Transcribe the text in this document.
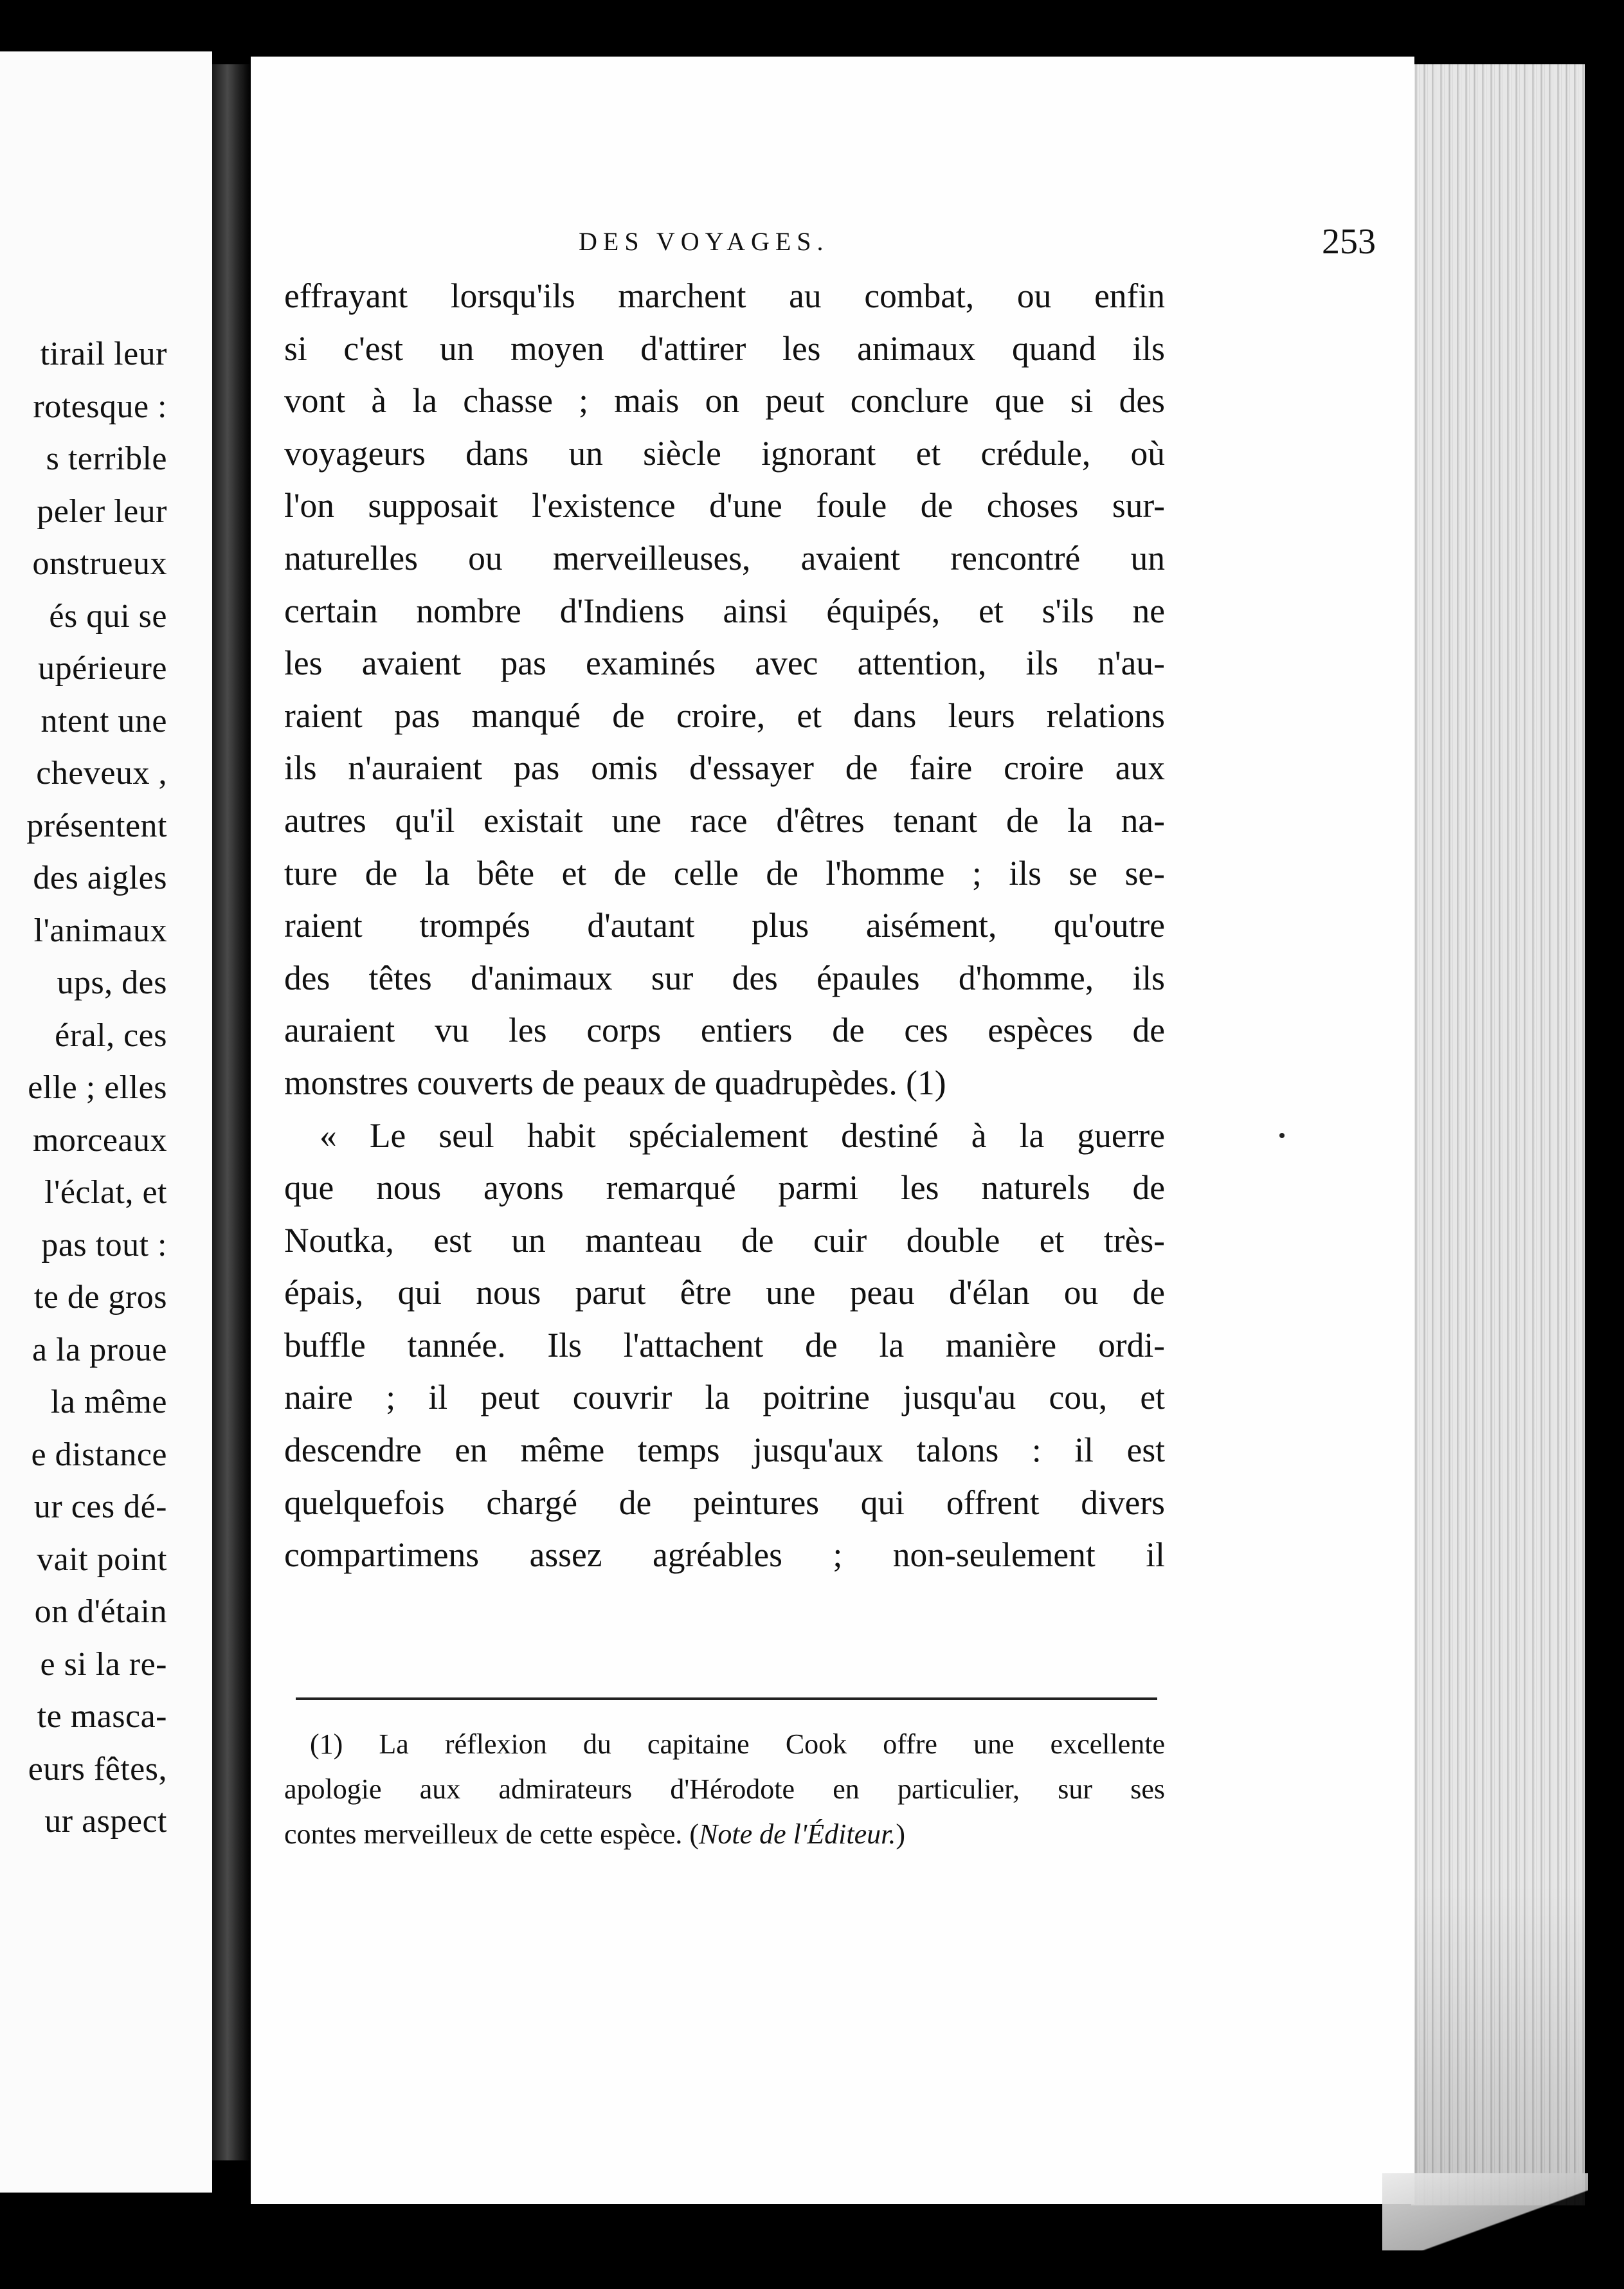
tirail leur
rotesque :
s terrible
peler leur
onstrueux
és qui se
upérieure
ntent une
cheveux ,
présentent
des aigles
l'animaux
ups, des
éral, ces
elle ; elles
morceaux
l'éclat, et
pas tout :
te de gros
a la proue
la même
e distance
ur ces dé-
vait point
on d'étain
e si la re-
te masca-
eurs fêtes,
ur aspect
DES VOYAGES.	253
effrayant lorsqu'ils marchent au combat, ou enfin
si c'est un moyen d'attirer les animaux quand ils
vont à la chasse ; mais on peut conclure que si des
voyageurs dans un siècle ignorant et crédule, où
l'on supposait l'existence d'une foule de choses sur-
naturelles ou merveilleuses, avaient rencontré un
certain nombre d'Indiens ainsi équipés, et s'ils ne
les avaient pas examinés avec attention, ils n'au-
raient pas manqué de croire, et dans leurs relations
ils n'auraient pas omis d'essayer de faire croire aux
autres qu'il existait une race d'êtres tenant de la na-
ture de la bête et de celle de l'homme ; ils se se-
raient trompés d'autant plus aisément, qu'outre
des têtes d'animaux sur des épaules d'homme, ils
auraient vu les corps entiers de ces espèces de
monstres couverts de peaux de quadrupèdes. (1)
« Le seul habit spécialement destiné à la guerre
que nous ayons remarqué parmi les naturels de
Noutka, est un manteau de cuir double et très-
épais, qui nous parut être une peau d'élan ou de
buffle tannée. Ils l'attachent de la manière ordi-
naire ; il peut couvrir la poitrine jusqu'au cou, et
descendre en même temps jusqu'aux talons : il est
quelquefois chargé de peintures qui offrent divers
compartimens assez agréables ; non-seulement il
(1) La réflexion du capitaine Cook offre une excellente
apologie aux admirateurs d'Hérodote en particulier, sur ses
contes merveilleux de cette espèce. (Note de l'Éditeur.)
